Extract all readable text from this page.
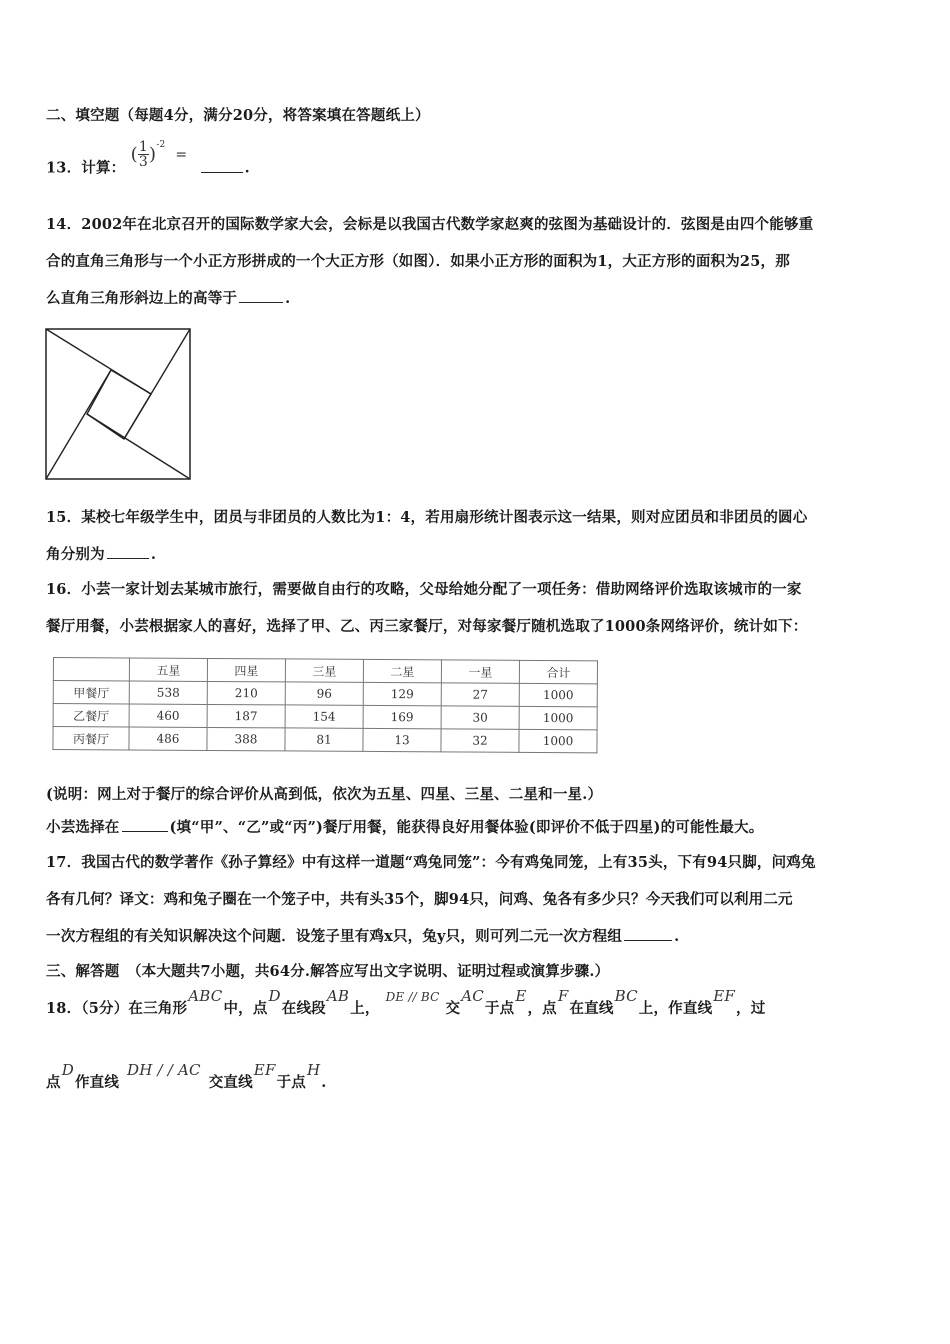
二、填空题（每题4分，满分20分，将答案填在答题纸上）
13．计算： ( $\frac{1}{3} )^{-2}=$ .
14．2002年在北京召开的国际数学家大会，会标是以我国古代数学家赵爽的弦图为基础设计的．弦图是由四个能够重
合的直角三角形与一个小正方形拼成的一个大正方形（如图）．如果小正方形的面积为1，大正方形的面积为25，那
么直角三角形斜边上的高等于	.
15．某校七年级学生中，团员与非团员的人数比为1：4，若用扇形统计图表示这一结果，则对应团员和非团员的圆心
角分别为	.
16．小芸一家计划去某城市旅行，需要做自由行的攻略，父母给她分配了一项任务：借助网络评价选取该城市的一家
餐厅用餐，小芸根据家人的喜好，选择了甲、乙、丙三家餐厅，对每家餐厅随机选取了1000条网络评价，统计如下：
	五星	四星	三星	二星	一星	合计
甲餐厅	538	210	96	129	27	1000
乙餐厅	460	187	154	169	30	1000
丙餐厅	486	388	81	13	32	1000
(说明：网上对于餐厅的综合评价从高到低，依次为五星、四星、三星、二星和一星.）
小芸选择在	(填“甲”、“乙”或“丙”)餐厅用餐，能获得良好用餐体验(即评价不低于四星)的可能性最大。
17．我国古代的数学著作《孙子算经》中有这样一道题“鸡兔同笼”：今有鸡兔同笼，上有35头，下有94只脚，问鸡兔
各有几何？译文：鸡和兔子圈在一个笼子中，共有头35个，脚94只，问鸡、兔各有多少只？今天我们可以利用二元
一次方程组的有关知识解决这个问题．设笼子里有鸡x只，兔y只，则可列二元一次方程组	.
三、解答题　（本大题共7小题，共64分.解答应写出文字说明、证明过程或演算步骤.）
18．（5分）在三角形ABC中，点D在线段AB上，$^{DE // BC}$交AC于点E，点F在直线BC上，作直线EF，过
点D作直线DH / / AC交直线EF于点H.
